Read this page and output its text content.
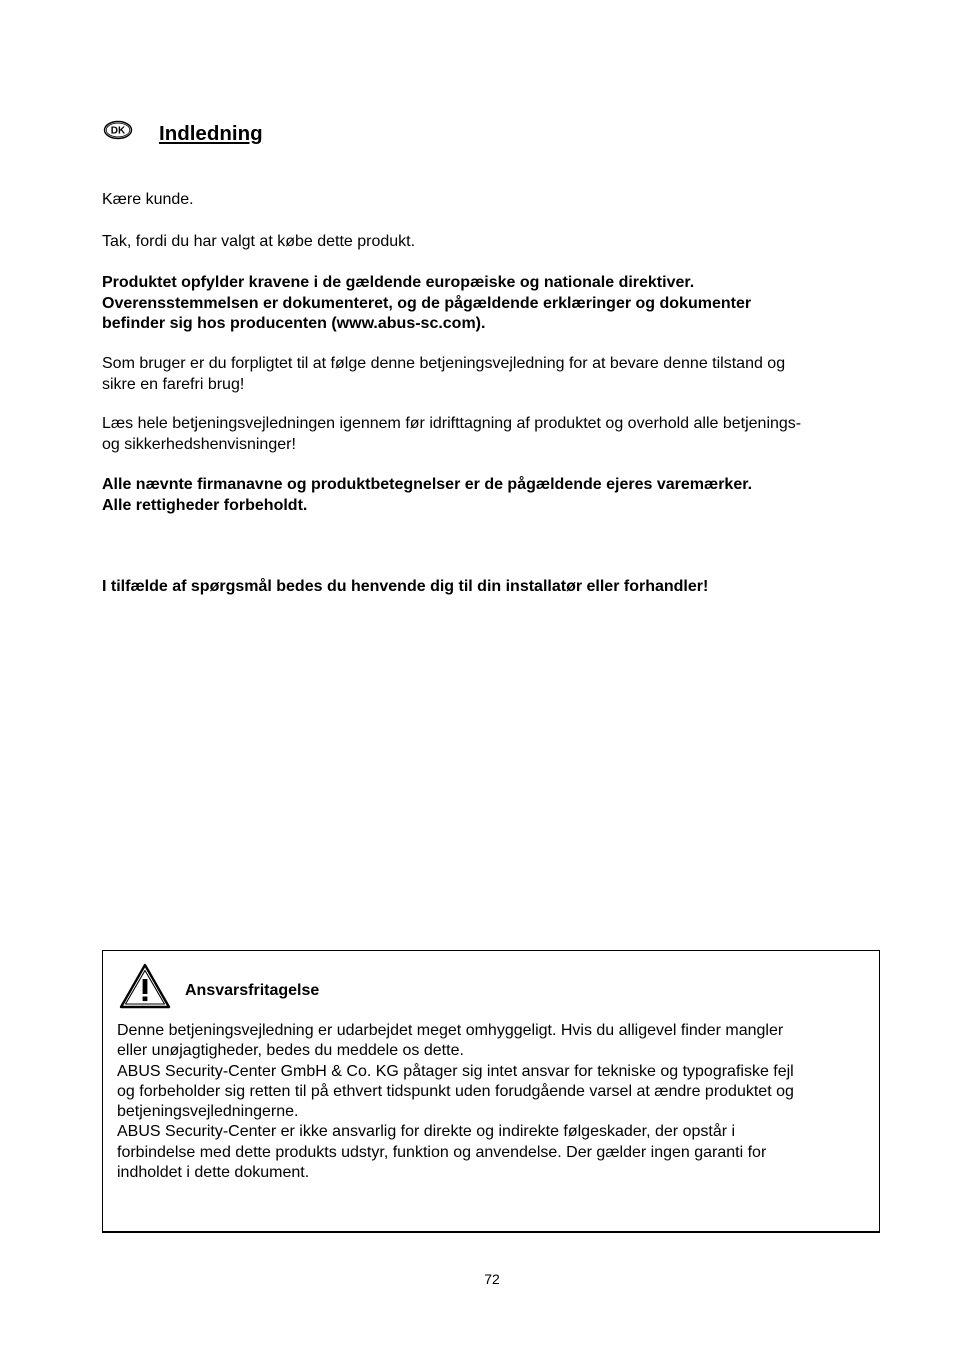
DK Indledning

Kære kunde.

Tak, fordi du har valgt at købe dette produkt.

Produktet opfylder kravene i de gældende europæiske og nationale direktiver.
Overensstemmelsen er dokumenteret, og de pågældende erklæringer og dokumenter
befinder sig hos producenten (www.abus-sc.com).

Som bruger er du forpligtet til at følge denne betjeningsvejledning for at bevare denne tilstand og
sikre en farefri brug!

Læs hele betjeningsvejledningen igennem før idrifttagning af produktet og overhold alle betjenings-
og sikkerhedshenvisninger!

Alle nævnte firmanavne og produktbetegnelser er de pågældende ejeres varemærker.
Alle rettigheder forbeholdt.

I tilfælde af spørgsmål bedes du henvende dig til din installatør eller forhandler!

Ansvarsfritagelse

Denne betjeningsvejledning er udarbejdet meget omhyggeligt. Hvis du alligevel finder mangler
eller unøjagtigheder, bedes du meddele os dette.
ABUS Security-Center GmbH & Co. KG påtager sig intet ansvar for tekniske og typografiske fejl
og forbeholder sig retten til på ethvert tidspunkt uden forudgående varsel at ændre produktet og
betjeningsvejledningerne.
ABUS Security-Center er ikke ansvarlig for direkte og indirekte følgeskader, der opstår i
forbindelse med dette produkts udstyr, funktion og anvendelse. Der gælder ingen garanti for
indholdet i dette dokument.

72
